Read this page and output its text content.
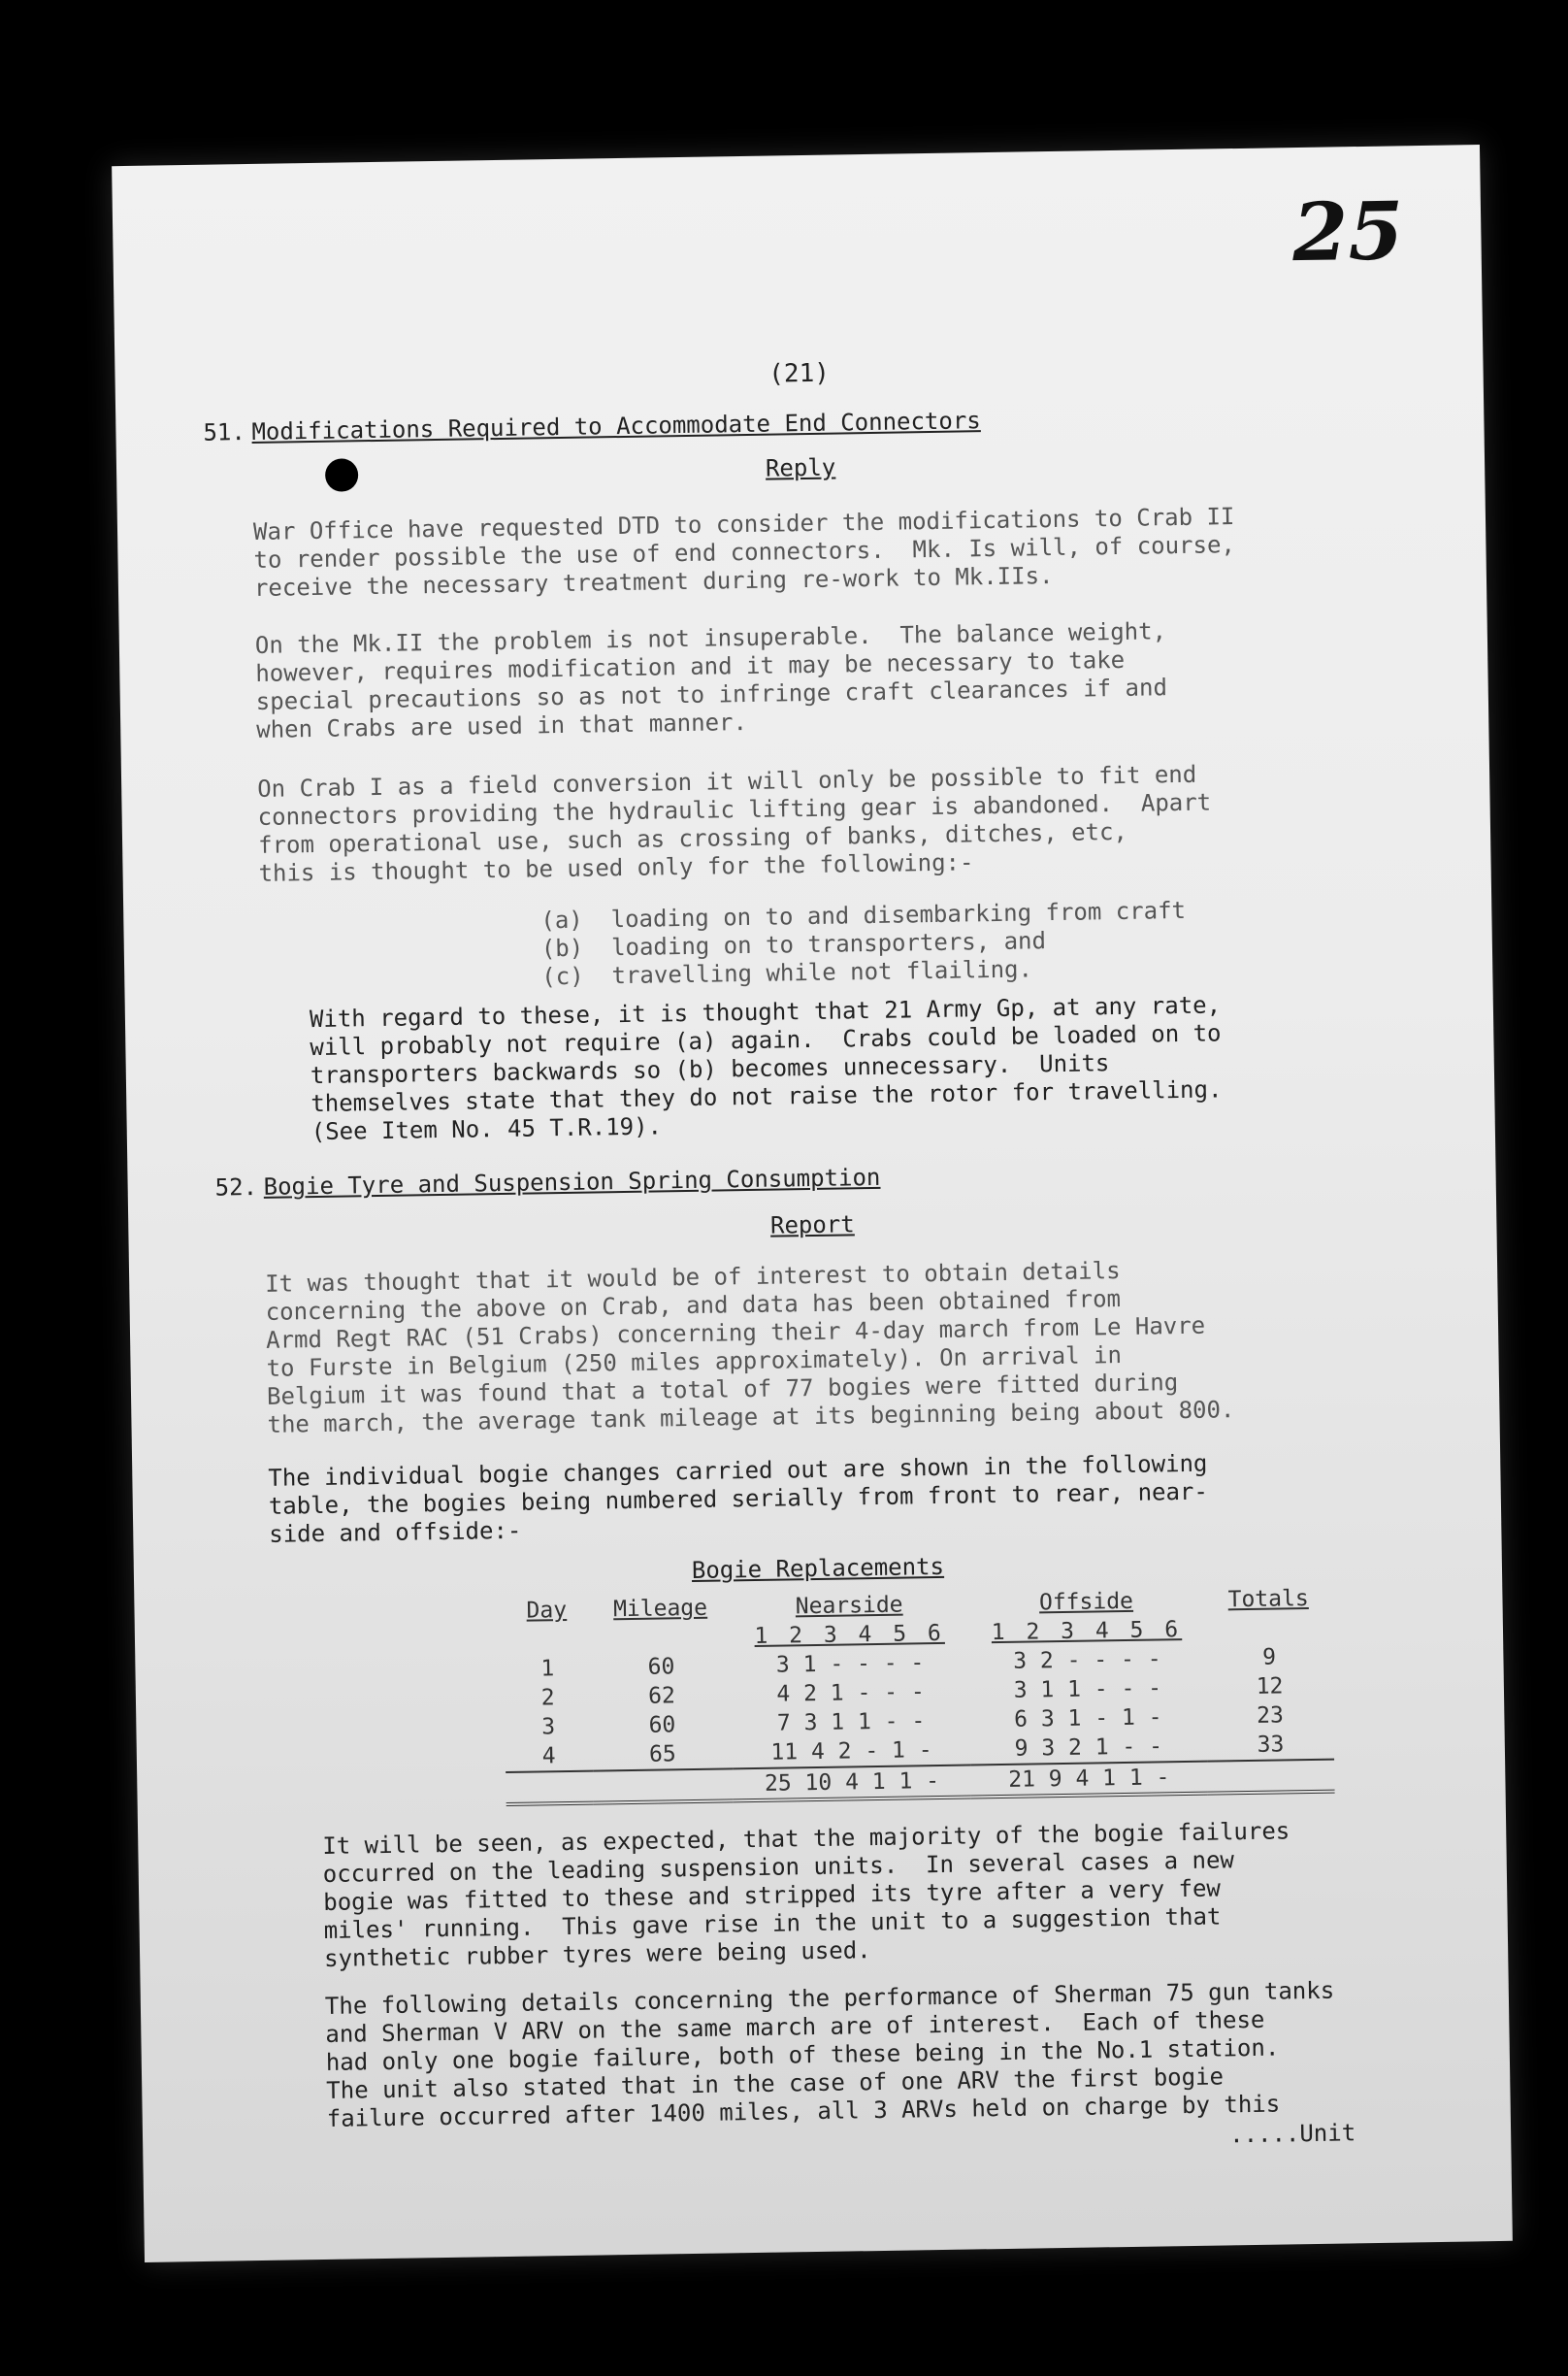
25
(21)
51. Modifications Required to Accommodate End Connectors
Reply
War Office have requested DTD to consider the modifications to Crab II
to render possible the use of end connectors.  Mk. Is will, of course,
receive the necessary treatment during re-work to Mk.IIs.
On the Mk.II the problem is not insuperable.  The balance weight,
however, requires modification and it may be necessary to take
special precautions so as not to infringe craft clearances if and
when Crabs are used in that manner.
On Crab I as a field conversion it will only be possible to fit end
connectors providing the hydraulic lifting gear is abandoned.  Apart
from operational use, such as crossing of banks, ditches, etc,
this is thought to be used only for the following:-
(a)  loading on to and disembarking from craft
(b)  loading on to transporters, and
(c)  travelling while not flailing.
With regard to these, it is thought that 21 Army Gp, at any rate,
will probably not require (a) again.  Crabs could be loaded on to
transporters backwards so (b) becomes unnecessary.  Units
themselves state that they do not raise the rotor for travelling.
(See Item No. 45 T.R.19).
52. Bogie Tyre and Suspension Spring Consumption
Report
It was thought that it would be of interest to obtain details
concerning the above on Crab, and data has been obtained from
Armd Regt RAC (51 Crabs) concerning their 4-day march from Le Havre
to Furste in Belgium (250 miles approximately). On arrival in
Belgium it was found that a total of 77 bogies were fitted during
the march, the average tank mileage at its beginning being about 800.
The individual bogie changes carried out are shown in the following
table, the bogies being numbered serially from front to rear, near-
side and offside:-
Bogie Replacements
Day	Mileage	Nearside	Offside	Totals
		1 2 3 4 5 6	1 2 3 4 5 6	
1	60	3 1 - - - -	3 2 - - - -	9
2	62	4 2 1 - - -	3 1 1 - - -	12
3	60	7 3 1 1 - -	6 3 1 - 1 -	23
4	65	11 4 2 - 1 -	9 3 2 1 - -	33
		25 10 4 1 1 -	21 9 4 1 1 -	
It will be seen, as expected, that the majority of the bogie failures
occurred on the leading suspension units.  In several cases a new
bogie was fitted to these and stripped its tyre after a very few
miles' running.  This gave rise in the unit to a suggestion that
synthetic rubber tyres were being used.
The following details concerning the performance of Sherman 75 gun tanks
and Sherman V ARV on the same march are of interest.  Each of these
had only one bogie failure, both of these being in the No.1 station.
The unit also stated that in the case of one ARV the first bogie
failure occurred after 1400 miles, all 3 ARVs held on charge by this
.....Unit
